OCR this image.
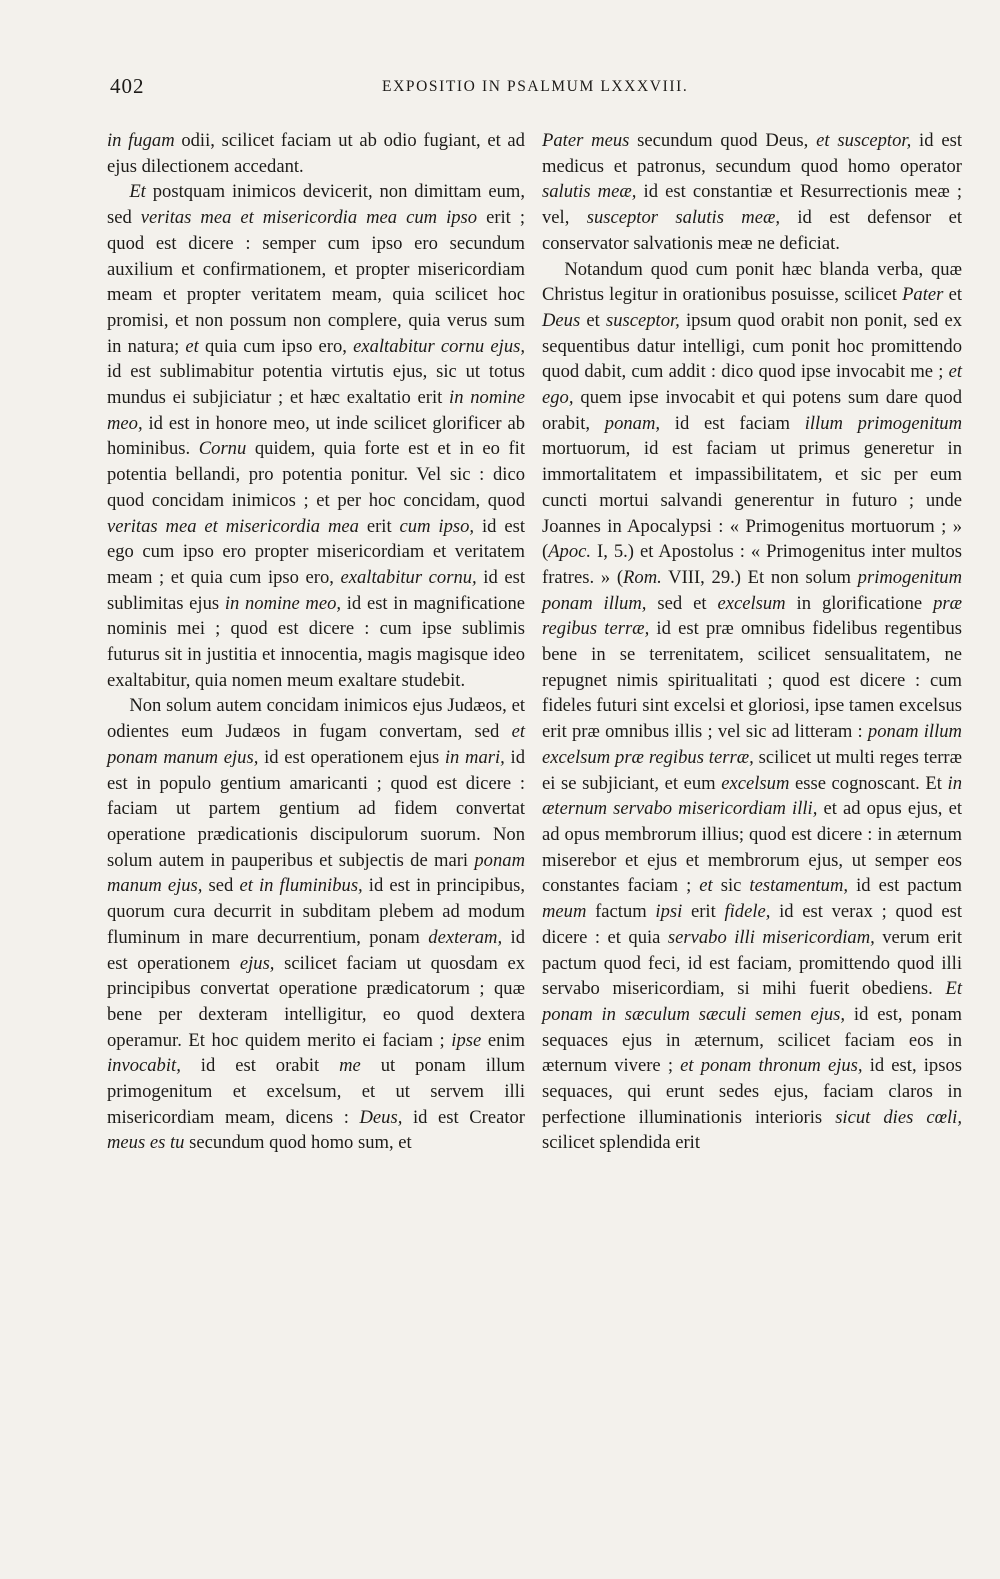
402	EXPOSITIO IN PSALMUM LXXXVIII.

in fugam odii, scilicet faciam ut ab odio fugiant, et ad ejus dilectionem accedant.

Et postquam inimicos devicerit, non dimittam eum, sed veritas mea et misericordia mea cum ipso erit ; quod est dicere : semper cum ipso ero secundum auxilium et confirmationem, et propter misericordiam meam et propter veritatem meam, quia scilicet hoc promisi, et non possum non complere, quia verus sum in natura; et quia cum ipso ero, exaltabitur cornu ejus, id est sublimabitur potentia virtutis ejus, sic ut totus mundus ei subjiciatur ; et hæc exaltatio erit in nomine meo, id est in honore meo, ut inde scilicet glorificer ab hominibus. Cornu quidem, quia forte est et in eo fit potentia bellandi, pro potentia ponitur. Vel sic : dico quod concidam inimicos ; et per hoc concidam, quod veritas mea et misericordia mea erit cum ipso, id est ego cum ipso ero propter misericordiam et veritatem meam ; et quia cum ipso ero, exaltabitur cornu, id est sublimitas ejus in nomine meo, id est in magnificatione nominis mei ; quod est dicere : cum ipse sublimis futurus sit in justitia et innocentia, magis magisque ideo exaltabitur, quia nomen meum exaltare studebit.

Non solum autem concidam inimicos ejus Judæos, et odientes eum Judæos in fugam convertam, sed et ponam manum ejus, id est operationem ejus in mari, id est in populo gentium amaricanti ; quod est dicere : faciam ut partem gentium ad fidem convertat operatione prædicationis discipulorum suorum. Non solum autem in pauperibus et subjectis de mari ponam manum ejus, sed et in fluminibus, id est in principibus, quorum cura decurrit in subditam plebem ad modum fluminum in mare decurrentium, ponam dexteram, id est operationem ejus, scilicet faciam ut quosdam ex principibus convertat operatione prædicatorum ; quæ bene per dexteram intelligitur, eo quod dextera operamur. Et hoc quidem merito ei faciam ; ipse enim invocabit, id est orabit me ut ponam illum primogenitum et excelsum, et ut servem illi misericordiam meam, dicens : Deus, id est Creator meus es tu secundum quod homo sum, et

Pater meus secundum quod Deus, et susceptor, id est medicus et patronus, secundum quod homo operator salutis meæ, id est constantiæ et Resurrectionis meæ ; vel, susceptor salutis meæ, id est defensor et conservator salvationis meæ ne deficiat.

Notandum quod cum ponit hæc blanda verba, quæ Christus legitur in orationibus posuisse, scilicet Pater et Deus et susceptor, ipsum quod orabit non ponit, sed ex sequentibus datur intelligi, cum ponit hoc promittendo quod dabit, cum addit : dico quod ipse invocabit me ; et ego, quem ipse invocabit et qui potens sum dare quod orabit, ponam, id est faciam illum primogenitum mortuorum, id est faciam ut primus generetur in immortalitatem et impassibilitatem, et sic per eum cuncti mortui salvandi generentur in futuro ; unde Joannes in Apocalypsi : « Primogenitus mortuorum ; » (Apoc. I, 5.) et Apostolus : « Primogenitus inter multos fratres. » (Rom. VIII, 29.) Et non solum primogenitum ponam illum, sed et excelsum in glorificatione præ regibus terræ, id est præ omnibus fidelibus regentibus bene in se terrenitatem, scilicet sensualitatem, ne repugnet nimis spiritualitati ; quod est dicere : cum fideles futuri sint excelsi et gloriosi, ipse tamen excelsus erit præ omnibus illis ; vel sic ad litteram : ponam illum excelsum præ regibus terræ, scilicet ut multi reges terræ ei se subjiciant, et eum excelsum esse cognoscant. Et in æternum servabo misericordiam illi, et ad opus ejus, et ad opus membrorum illius; quod est dicere : in æternum miserebor et ejus et membrorum ejus, ut semper eos constantes faciam ; et sic testamentum, id est pactum meum factum ipsi erit fidele, id est verax ; quod est dicere : et quia servabo illi misericordiam, verum erit pactum quod feci, id est faciam, promittendo quod illi servabo misericordiam, si mihi fuerit obediens. Et ponam in sæculum sæculi semen ejus, id est, ponam sequaces ejus in æternum, scilicet faciam eos in æternum vivere ; et ponam thronum ejus, id est, ipsos sequaces, qui erunt sedes ejus, faciam claros in perfectione illuminationis interioris sicut dies cœli, scilicet splendida erit
